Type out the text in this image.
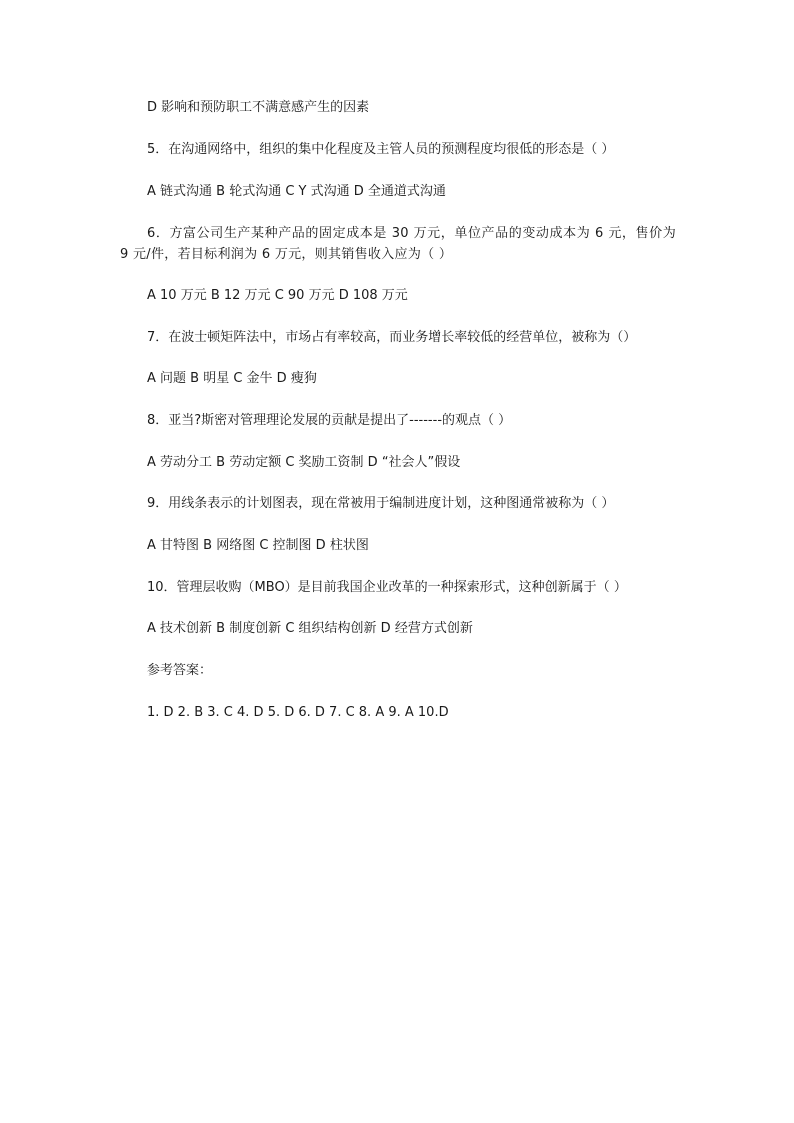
D 影响和预防职工不满意感产生的因素
5．在沟通网络中，组织的集中化程度及主管人员的预测程度均很低的形态是（ ）
A 链式沟通 B 轮式沟通 C Y 式沟通 D 全通道式沟通
6．方富公司生产某种产品的固定成本是 30 万元，单位产品的变动成本为 6 元，售价为 9 元/件，若目标利润为 6 万元，则其销售收入应为（ ）
A 10 万元 B 12 万元 C 90 万元 D 108 万元
7．在波士顿矩阵法中，市场占有率较高，而业务增长率较低的经营单位，被称为（）
A 问题 B 明星 C 金牛 D 瘦狗
8．亚当?斯密对管理理论发展的贡献是提出了-------的观点（ ）
A 劳动分工 B 劳动定额 C 奖励工资制 D “社会人”假设
9．用线条表示的计划图表，现在常被用于编制进度计划，这种图通常被称为（ ）
A 甘特图 B 网络图 C 控制图 D 柱状图
10．管理层收购（MBO）是目前我国企业改革的一种探索形式，这种创新属于（ ）
A 技术创新 B 制度创新 C 组织结构创新 D 经营方式创新
参考答案：
1. D 2. B 3. C 4. D 5. D 6. D 7. C 8. A 9. A 10.D
